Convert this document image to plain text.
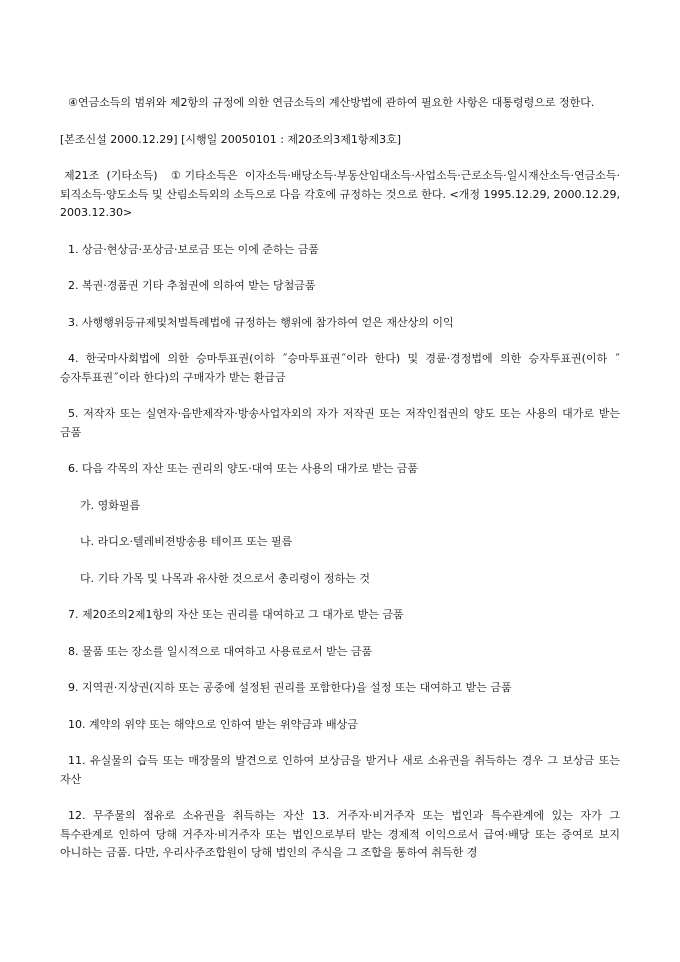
④연금소득의 범위와 제2항의 규정에 의한 연금소득의 계산방법에 관하여 필요한 사항은 대통령령으로 정한다.

[본조신설 2000.12.29] [시행일 20050101 : 제20조의3제1항제3호]

제21조 (기타소득) ①기타소득은 이자소득·배당소득·부동산임대소득·사업소득·근로소득·일시재산소득·연금소득·퇴직소득·양도소득 및 산림소득외의 소득으로 다음 각호에 규정하는 것으로 한다. <개정 1995.12.29, 2000.12.29, 2003.12.30>

1. 상금·현상금·포상금·보로금 또는 이에 준하는 금품

2. 복권·경품권 기타 추첨권에 의하여 받는 당첨금품

3. 사행행위등규제및처벌특례법에 규정하는 행위에 참가하여 얻은 재산상의 이익

4. 한국마사회법에 의한 승마투표권(이하 ˝승마투표권˝이라 한다) 및 경륜·경정법에 의한 승자투표권(이하 ˝승자투표권˝이라 한다)의 구매자가 받는 환급금

5. 저작자 또는 실연자·음반제작자·방송사업자외의 자가 저작권 또는 저작인접권의 양도 또는 사용의 대가로 받는 금품

6. 다음 각목의 자산 또는 권리의 양도·대여 또는 사용의 대가로 받는 금품

가. 영화필름

나. 라디오·텔레비젼방송용 테이프 또는 필름

다. 기타 가목 및 나목과 유사한 것으로서 총리령이 정하는 것

7. 제20조의2제1항의 자산 또는 권리를 대여하고 그 대가로 받는 금품

8. 물품 또는 장소를 일시적으로 대여하고 사용료로서 받는 금품

9. 지역권·지상권(지하 또는 공중에 설정된 권리를 포함한다)을 설정 또는 대여하고 받는 금품

10. 계약의 위약 또는 해약으로 인하여 받는 위약금과 배상금

11. 유실물의 습득 또는 매장물의 발견으로 인하여 보상금을 받거나 새로 소유권을 취득하는 경우 그 보상금 또는 자산

12. 무주물의 점유로 소유권을 취득하는 자산 13. 거주자·비거주자 또는 법인과 특수관계에 있는 자가 그 특수관계로 인하여 당해 거주자·비거주자 또는 법인으로부터 받는 경제적 이익으로서 급여·배당 또는 증여로 보지 아니하는 금품. 다만, 우리사주조합원이 당해 법인의 주식을 그 조합을 통하여 취득한 경
